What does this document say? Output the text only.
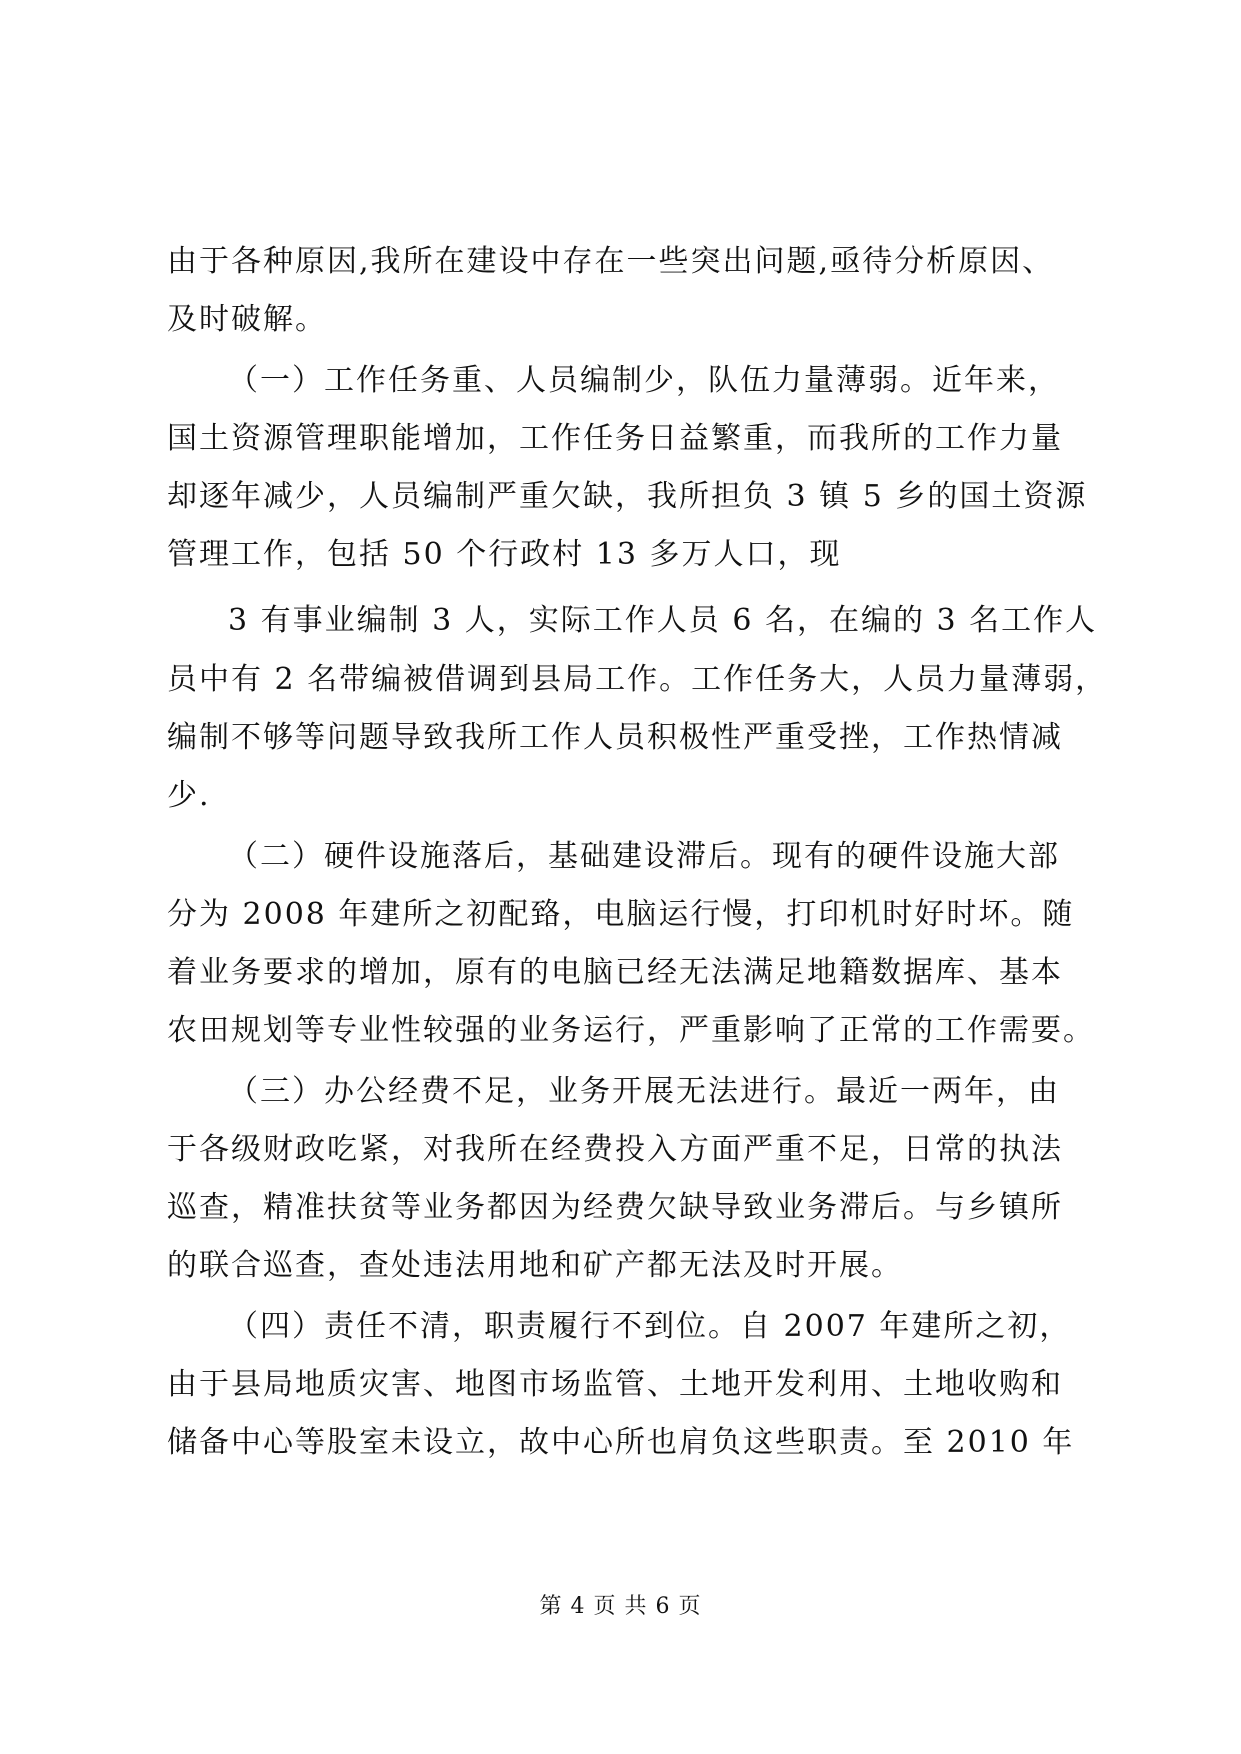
由于各种原因,我所在建设中存在一些突出问题,亟待分析原因、
及时破解。
（一）工作任务重、人员编制少，队伍力量薄弱。近年来，
国土资源管理职能增加，工作任务日益繁重，而我所的工作力量
却逐年减少，人员编制严重欠缺，我所担负 3 镇 5 乡的国土资源
管理工作，包括 50 个行政村 13 多万人口，现
3 有事业编制 3 人，实际工作人员 6 名，在编的 3 名工作人
员中有 2 名带编被借调到县局工作。工作任务大，人员力量薄弱，
编制不够等问题导致我所工作人员积极性严重受挫，工作热情减
少.
（二）硬件设施落后，基础建设滞后。现有的硬件设施大部
分为 2008 年建所之初配臵，电脑运行慢，打印机时好时坏。随
着业务要求的增加，原有的电脑已经无法满足地籍数据库、基本
农田规划等专业性较强的业务运行，严重影响了正常的工作需要。
（三）办公经费不足，业务开展无法进行。最近一两年，由
于各级财政吃紧，对我所在经费投入方面严重不足，日常的执法
巡查，精准扶贫等业务都因为经费欠缺导致业务滞后。与乡镇所
的联合巡查，查处违法用地和矿产都无法及时开展。
（四）责任不清，职责履行不到位。自 2007 年建所之初，
由于县局地质灾害、地图市场监管、土地开发利用、土地收购和
储备中心等股室未设立，故中心所也肩负这些职责。至 2010 年
第 4 页 共 6 页
